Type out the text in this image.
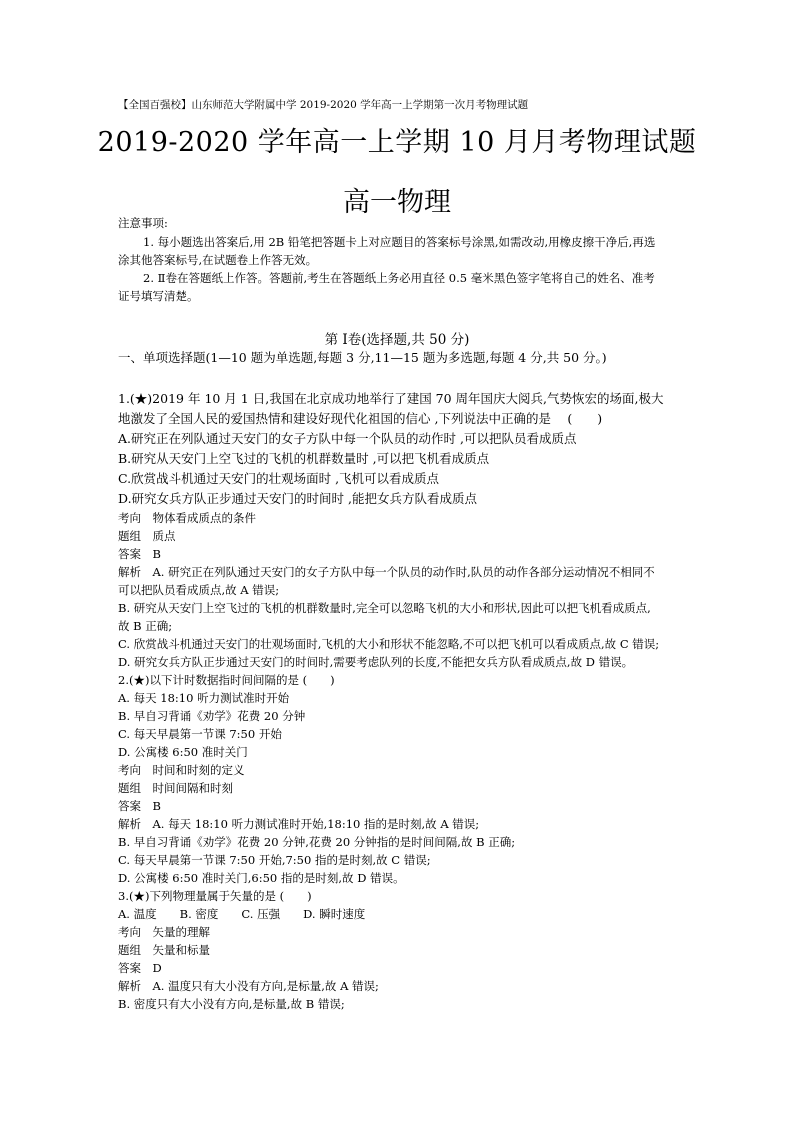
【全国百强校】山东师范大学附属中学 2019-2020 学年高一上学期第一次月考物理试题
2019-2020 学年高一上学期 10 月月考物理试题
高一物理
注意事项:
1. 每小题选出答案后,用 2B 铅笔把答题卡上对应题目的答案标号涂黑,如需改动,用橡皮擦干净后,再选
涂其他答案标号,在试题卷上作答无效。
2. Ⅱ卷在答题纸上作答。答题前,考生在答题纸上务必用直径 0.5 毫米黑色签字笔将自己的姓名、准考
证号填写清楚。
第 Ⅰ卷(选择题,共 50 分)
一、单项选择题(1—10 题为单选题,每题 3 分,11—15 题为多选题,每题 4 分,共 50 分。)
1.(★)2019 年 10 月 1 日,我国在北京成功地举行了建国 70 周年国庆大阅兵,气势恢宏的场面,极大
地激发了全国人民的爱国热情和建设好现代化祖国的信心 ,下列说法中正确的是　 (　　)
A.研究正在列队通过天安门的女子方队中每一个队员的动作时 ,可以把队员看成质点
B.研究从天安门上空飞过的飞机的机群数量时 ,可以把飞机看成质点
C.欣赏战斗机通过天安门的壮观场面时 ,飞机可以看成质点
D.研究女兵方队正步通过天安门的时间时 ,能把女兵方队看成质点
考向　物体看成质点的条件
题组　质点
答案　B
解析　A. 研究正在列队通过天安门的女子方队中每一个队员的动作时,队员的动作各部分运动情况不相同不
可以把队员看成质点,故 A 错误;
B. 研究从天安门上空飞过的飞机的机群数量时,完全可以忽略飞机的大小和形状,因此可以把飞机看成质点,
故 B 正确;
C. 欣赏战斗机通过天安门的壮观场面时,飞机的大小和形状不能忽略,不可以把飞机可以看成质点,故 C 错误;
D. 研究女兵方队正步通过天安门的时间时,需要考虑队列的长度,不能把女兵方队看成质点,故 D 错误。
2.(★)以下计时数据指时间间隔的是 (　　)
A. 每天 18:10 听力测试准时开始
B. 早自习背诵《劝学》花费 20 分钟
C. 每天早晨第一节课 7:50 开始
D. 公寓楼 6:50 准时关门
考向　时间和时刻的定义
题组　时间间隔和时刻
答案　B
解析　A. 每天 18:10 听力测试准时开始,18:10 指的是时刻,故 A 错误;
B. 早自习背诵《劝学》花费 20 分钟,花费 20 分钟指的是时间间隔,故 B 正确;
C. 每天早晨第一节课 7:50 开始,7:50 指的是时刻,故 C 错误;
D. 公寓楼 6:50 准时关门,6:50 指的是时刻,故 D 错误。
3.(★)下列物理量属于矢量的是 (　　)
A. 温度　　B. 密度　　C. 压强　　D. 瞬时速度
考向　矢量的理解
题组　矢量和标量
答案　D
解析　A. 温度只有大小没有方向,是标量,故 A 错误;
B. 密度只有大小没有方向,是标量,故 B 错误;
